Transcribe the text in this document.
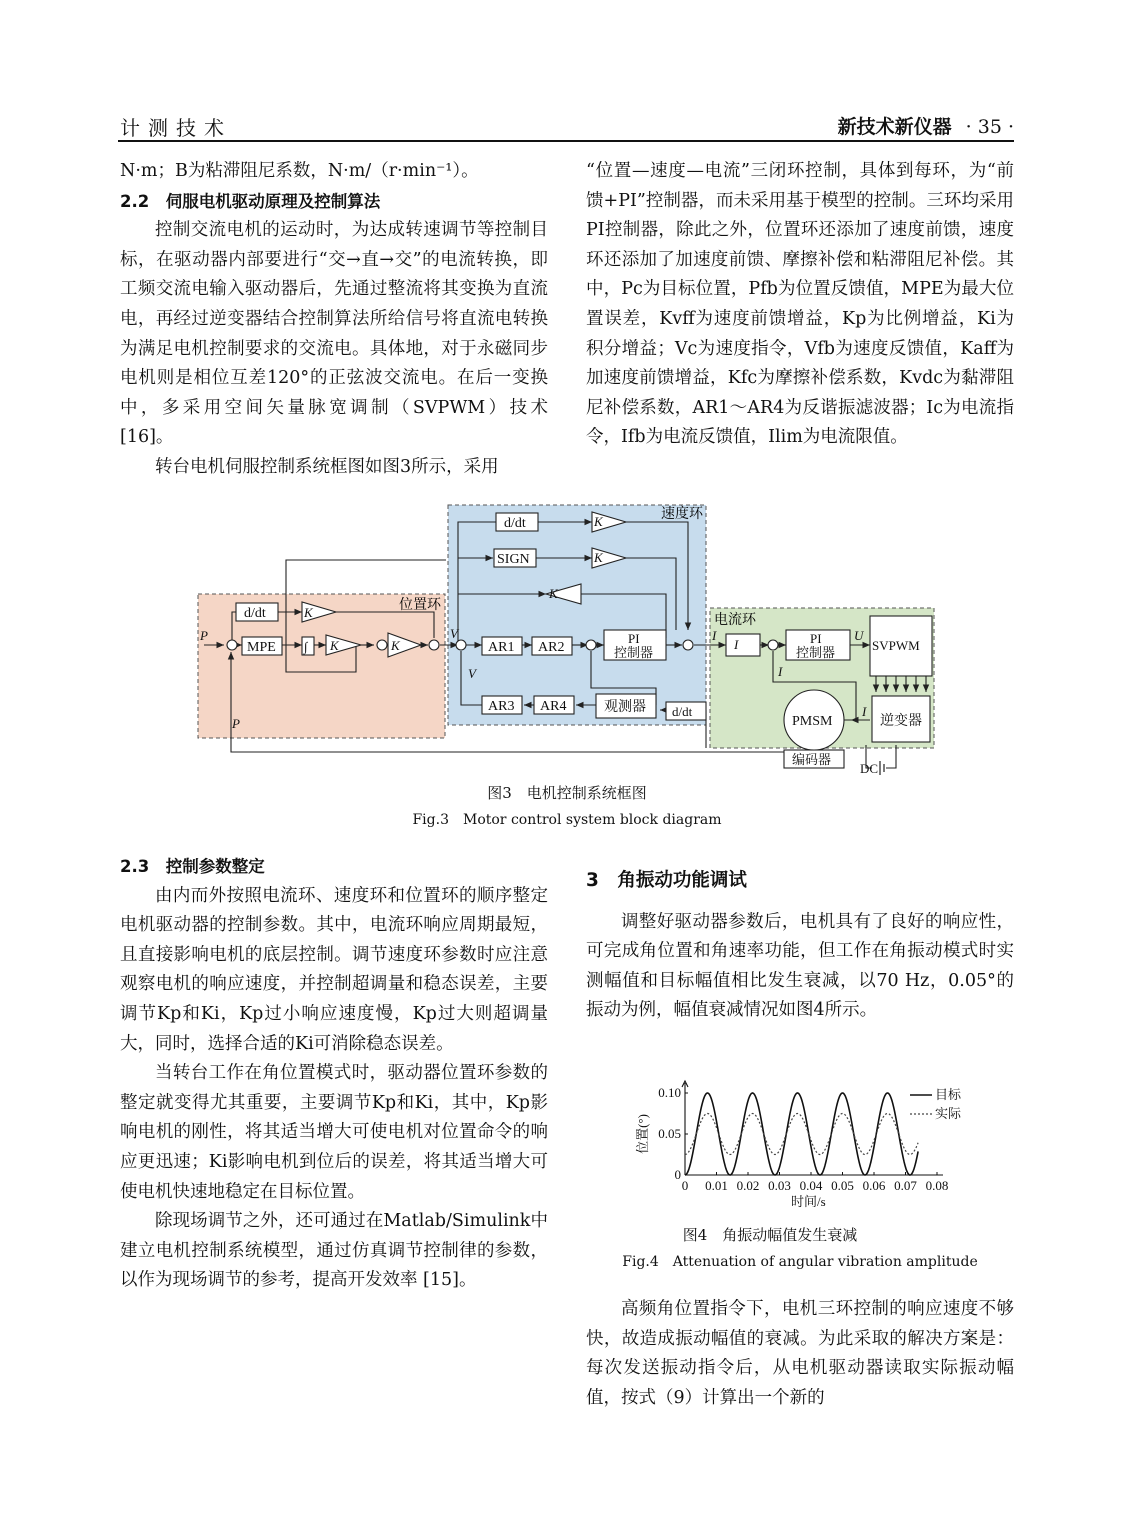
计测技术	新技术新仪器 · 35 ·

N·m；B为粘滞阻尼系数，N·m/（r·min⁻¹）。

2.2　伺服电机驱动原理及控制算法

控制交流电机的运动时，为达成转速调节等控制目标，在驱动器内部要进行“交→直→交”的电流转换，即工频交流电输入驱动器后，先通过整流将其变换为直流电，再经过逆变器结合控制算法所给信号将直流电转换为满足电机控制要求的交流电。具体地，对于永磁同步电机则是相位互差120°的正弦波交流电。在后一变换中，多采用空间矢量脉宽调制（SVPWM）技术 [16]。

转台电机伺服控制系统框图如图3所示，采用

“位置—速度—电流”三闭环控制，具体到每环，为“前馈+PI”控制器，而未采用基于模型的控制。三环均采用PI控制器，除此之外，位置环还添加了速度前馈，速度环还添加了加速度前馈、摩擦补偿和粘滞阻尼补偿。其中，Pc为目标位置，Pfb为位置反馈值，MPE为最大位置误差，Kvff为速度前馈增益，Kp为比例增益，Ki为积分增益；Vc为速度指令，Vfb为速度反馈值，Kaff为加速度前馈增益，Kfc为摩擦补偿系数，Kvdc为黏滞阻尼补偿系数，AR1～AR4为反谐振滤波器；Ic为电流指令，Ifb为电流反馈值，Ilim为电流限值。

位置环
速度环
电流环
d/dt
MPE ∫
d/dt
SIGN
AR1 AR2
PI
控制器
AR3 AR4	观测器 d/dt
PI
控制器	SVPWM
逆变器
PMSM
编码器
DC
P
P
V
V
I
I
I
U
I
K
K	K
K
K
K
图3　电机控制系统框图
Fig.3　Motor control system block diagram

2.3　控制参数整定

由内而外按照电流环、速度环和位置环的顺序整定电机驱动器的控制参数。其中，电流环响应周期最短，且直接影响电机的底层控制。调节速度环参数时应注意观察电机的响应速度，并控制超调量和稳态误差，主要调节Kp和Ki，Kp过小响应速度慢，Kp过大则超调量大，同时，选择合适的Ki可消除稳态误差。

当转台工作在角位置模式时，驱动器位置环参数的整定就变得尤其重要，主要调节Kp和Ki，其中，Kp影响电机的刚性，将其适当增大可使电机对位置命令的响应更迅速；Ki影响电机到位后的误差，将其适当增大可使电机快速地稳定在目标位置。

除现场调节之外，还可通过在Matlab/Simulink中建立电机控制系统模型，通过仿真调节控制律的参数，以作为现场调节的参考，提高开发效率 [15]。

3　角振动功能调试

调整好驱动器参数后，电机具有了良好的响应性，可完成角位置和角速率功能，但工作在角振动模式时实测幅值和目标幅值相比发生衰减，以70 Hz，0.05°的振动为例，幅值衰减情况如图4所示。

高频角位置指令下，电机三环控制的响应速度不够快，故造成振动幅值的衰减。为此采取的解决方案是：每次发送振动指令后，从电机驱动器读取实际振动幅值，按式（9）计算出一个新的

0 0.01 0.02 0.03 0.04 0.05 0.06 0.07 0.08
0
0.05
0.10
时间/s
位置(°)
目标
实际
图4　角振动幅值发生衰减
Fig.4　Attenuation of angular vibration amplitude
